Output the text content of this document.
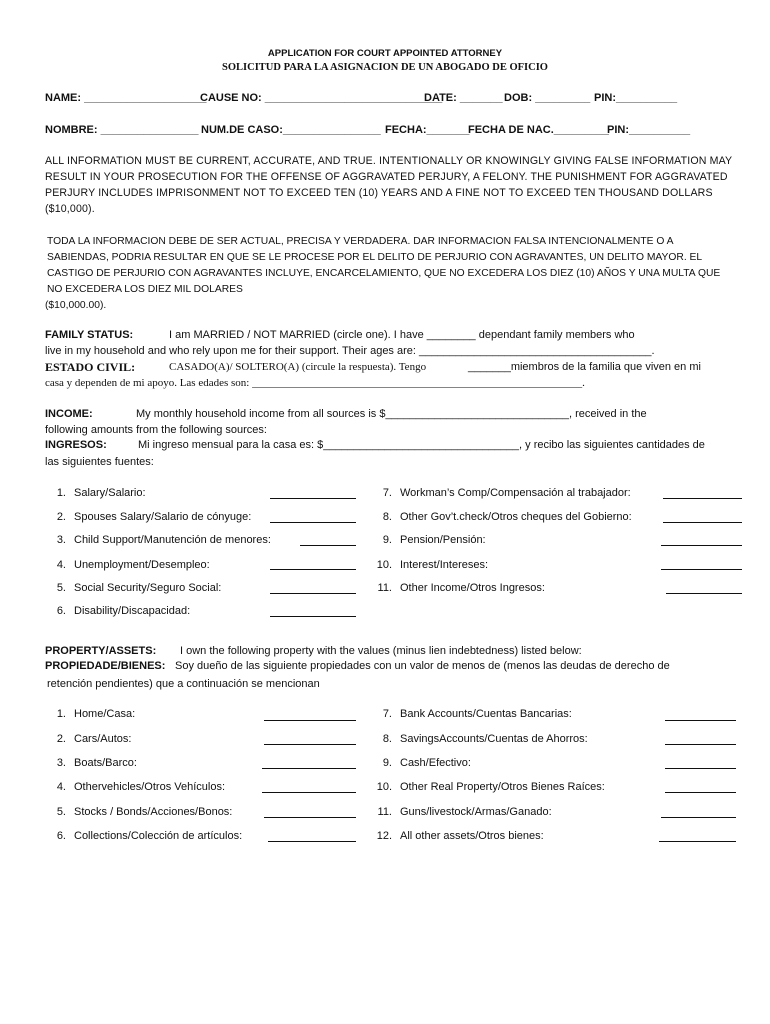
APPLICATION FOR COURT APPOINTED ATTORNEY
SOLICITUD PARA LA ASIGNACION DE UN ABOGADO DE OFICIO
NAME: ____________________
CAUSE NO: _____________________________
DATE: _______ DOB: _________ PIN:__________
NOMBRE: ________________ NUM.DE CASO:________________ FECHA:_______
FECHA DE NAC._________
PIN:__________
ALL INFORMATION MUST BE CURRENT, ACCURATE, AND TRUE. INTENTIONALLY OR KNOWINGLY GIVING FALSE INFORMATION MAY
RESULT IN YOUR PROSECUTION FOR THE OFFENSE OF AGGRAVATED PERJURY, A FELONY. THE PUNISHMENT FOR AGGRAVATED
PERJURY INCLUDES IMPRISONMENT NOT TO EXCEED TEN (10) YEARS AND A FINE NOT TO EXCEED TEN THOUSAND DOLLARS
($10,000).
TODA LA INFORMACION DEBE DE SER ACTUAL, PRECISA Y VERDADERA. DAR INFORMACION FALSA INTENCIONALMENTE O A
SABIENDAS, PODRIA RESULTAR EN QUE SE LE PROCESE POR EL DELITO DE PERJURIO CON AGRAVANTES, UN DELITO MAYOR. EL
CASTIGO DE PERJURIO CON AGRAVANTES INCLUYE, ENCARCELAMIENTO, QUE NO EXCEDERA LOS DIEZ (10) AÑOS Y UNA MULTA QUE
NO EXCEDERA LOS DIEZ MIL DOLARES
($10,000.00).
FAMILY STATUS:	I am MARRIED / NOT MARRIED (circle one). I have ________ dependant family members who
live in my household and who rely upon me for their support. Their ages are: ______________________________________.
ESTADO CIVIL:	CASADO(A)/ SOLTERO(A) (circule la respuesta). Tengo	_______miembros de la familia que viven en mi
casa y dependen de mi apoyo. Las edades son: ____________________________________________________________.
INCOME:	My monthly household income from all sources is $______________________________, received in the
following amounts from the following sources:
INGRESOS:	Mi ingreso mensual para la casa es: $________________________________, y recibo las siguientes cantidades de
las siguientes fuentes:
1. Salary/Salario:
2. Spouses Salary/Salario de cónyuge:
3. Child Support/Manutención de menores:
4. Unemployment/Desempleo:
5. Social Security/Seguro Social:
6. Disability/Discapacidad:
7. Workman’s Comp/Compensación al trabajador:
8. Other Gov’t.check/Otros cheques del Gobierno:
9. Pension/Pensión:
10. Interest/Intereses:
11. Other Income/Otros Ingresos:
PROPERTY/ASSETS: I own the following property with the values (minus lien indebtedness) listed below:
PROPIEDADE/BIENES: Soy dueño de las siguiente propiedades con un valor de menos de (menos las deudas de derecho de
retención pendientes) que a continuación se mencionan
1. Home/Casa:
2. Cars/Autos:
3. Boats/Barco:
4. Othervehicles/Otros Vehículos:
5. Stocks / Bonds/Acciones/Bonos:
6. Collections/Colección de artículos:
7. Bank Accounts/Cuentas Bancarias:
8. SavingsAccounts/Cuentas de Ahorros:
9. Cash/Efectivo:
10. Other Real Property/Otros Bienes Raíces:
11. Guns/livestock/Armas/Ganado:
12. All other assets/Otros bienes:
